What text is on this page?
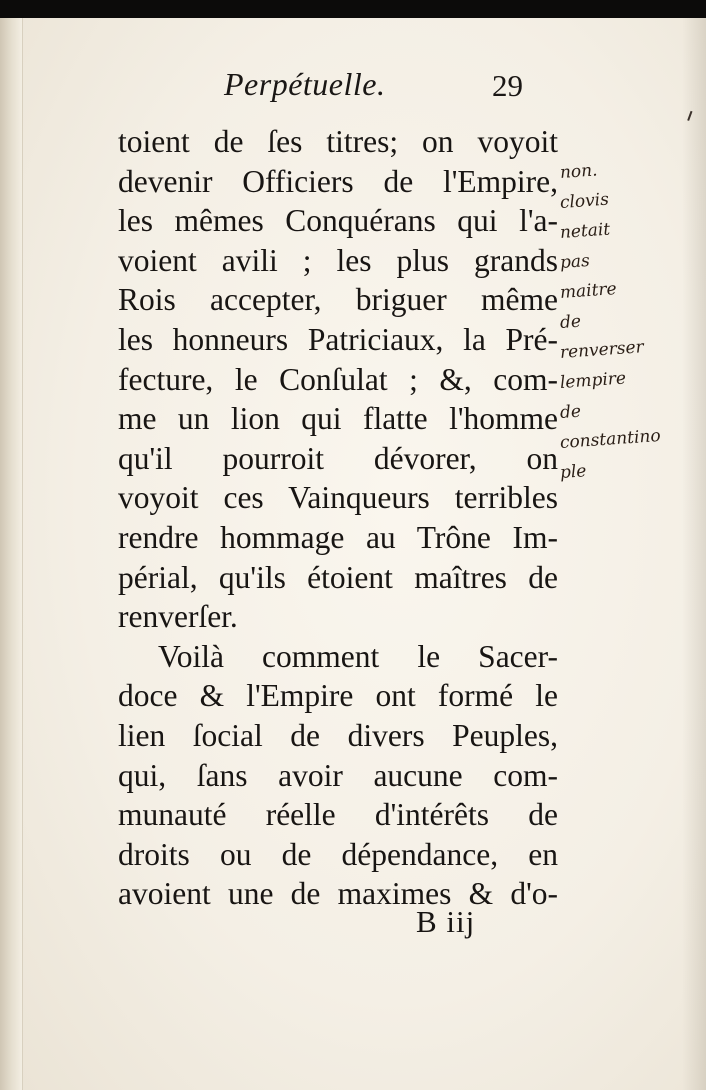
Perpétuelle.	29
toient de ſes titres; on voyoit
devenir Officiers de l'Empire,
les mêmes Conquérans qui l'a-
voient avili ; les plus grands
Rois accepter, briguer même
les honneurs Patriciaux, la Pré-
fecture, le Conſulat ; &, com-
me un lion qui flatte l'homme
qu'il pourroit dévorer, on
voyoit ces Vainqueurs terribles
rendre hommage au Trône Im-
périal, qu'ils étoient maîtres de
renverſer.
Voilà comment le Sacer-
doce & l'Empire ont formé le
lien ſocial de divers Peuples,
qui, ſans avoir aucune com-
munauté réelle d'intérêts de
droits ou de dépendance, en
avoient une de maximes & d'o-
B iij
non.
clovis
netait
pas
maitre
de
renverser
lempire
de
constantino
ple
